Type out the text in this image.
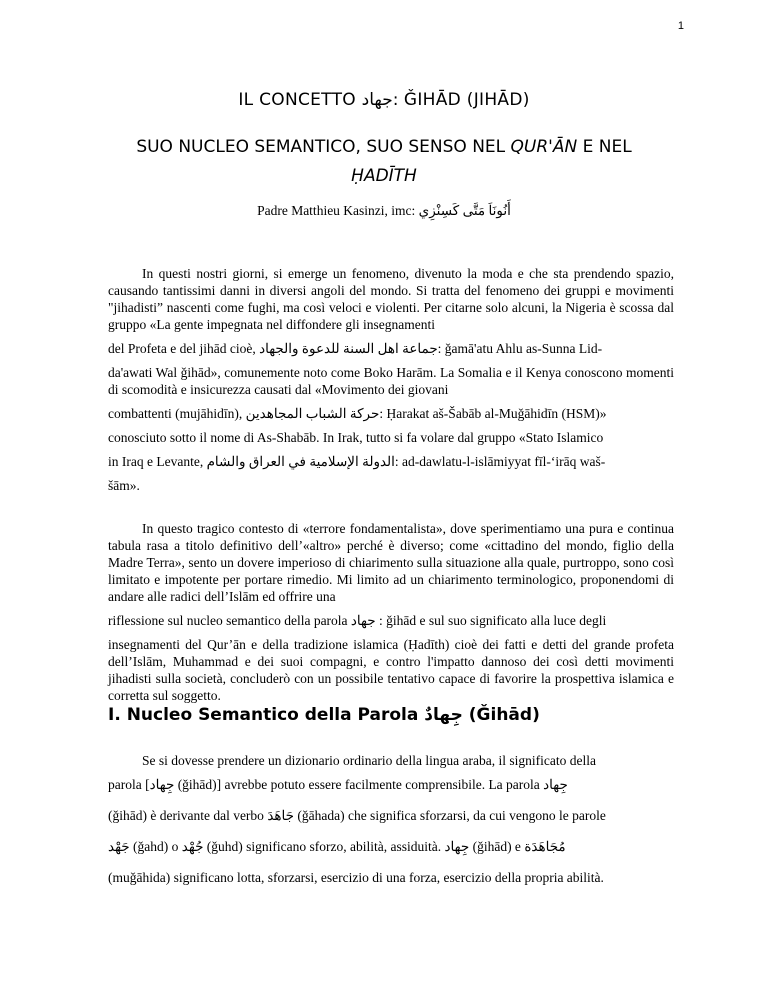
1
IL CONCETTO جهاد: ǦIHĀD (JIHĀD)
SUO NUCLEO SEMANTICO, SUO SENSO NEL QUR'ĀN E NEL
ḤADĪTH
Padre Matthieu Kasinzi, imc: أَنُونَاَ مَتَّى كَسِنْزِي
In questi nostri giorni, si emerge un fenomeno, divenuto la moda e che sta prendendo spazio, causando tantissimi danni in diversi angoli del mondo. Si tratta del fenomeno dei gruppi e movimenti "jihadisti” nascenti come fughi, ma così veloci e violenti. Per citarne solo alcuni, la Nigeria è scossa dal gruppo «La gente impegnata nel diffondere gli insegnamenti
del Profeta e del jihād cioè, جماعة اهل السنة للدعوة والجهاد: ǧamā'atu Ahlu as-Sunna Lid-
da'awati Wal ǧihād», comunemente noto come Boko Harām. La Somalia e il Kenya conoscono momenti di scomodità e insicurezza causati dal «Movimento dei giovani
combattenti (mujāhidīn), حركة الشباب المجاهدين: Ḥarakat aš-Šabāb al-Muǧāhidīn (HSM)»
conosciuto sotto il nome di As-Shabāb. In Irak, tutto si fa volare dal gruppo «Stato Islamico
in Iraq e Levante, الدولة الإسلامية في العراق والشام: ad-dawlatu-l-islāmiyyat fīl-‘irāq waš-
šām».
In questo tragico contesto di «terrore fondamentalista», dove sperimentiamo una pura e continua tabula rasa a titolo definitivo dell’«altro» perché è diverso; come «cittadino del mondo, figlio della Madre Terra», sento un dovere imperioso di chiarimento sulla situazione alla quale, purtroppo, sono così limitato e impotente per portare rimedio. Mi limito ad un chiarimento terminologico, proponendomi di andare alle radici dell’Islām ed offrire una
riflessione sul nucleo semantico della parola جهاد : ǧihād e sul suo significato alla luce degli
insegnamenti del Qur’ān e della tradizione islamica (Ḥadīth) cioè dei fatti e detti del grande profeta dell’Islām, Muhammad e dei suoi compagni, e contro l'impatto dannoso dei così detti movimenti jihadisti sulla società, concluderò con un possibile tentativo capace di favorire la prospettiva islamica e corretta sul soggetto.
I. Nucleo Semantico della Parola جِهادٌ (Ǧihād)
Se si dovesse prendere un dizionario ordinario della lingua araba, il significato della
parola [جِهاد (ǧihād)] avrebbe potuto essere facilmente comprensibile. La parola جِهاد
(ǧihād) è derivante dal verbo جَاهَدَ (ǧāhada) che significa sforzarsi, da cui vengono le parole
جَهْد (ǧahd) o جُهْد (ǧuhd) significano sforzo, abilità, assiduità. جِهاد (ǧihād) e مُجَاهَدَة
(muǧāhida) significano lotta, sforzarsi, esercizio di una forza, esercizio della propria abilità.
